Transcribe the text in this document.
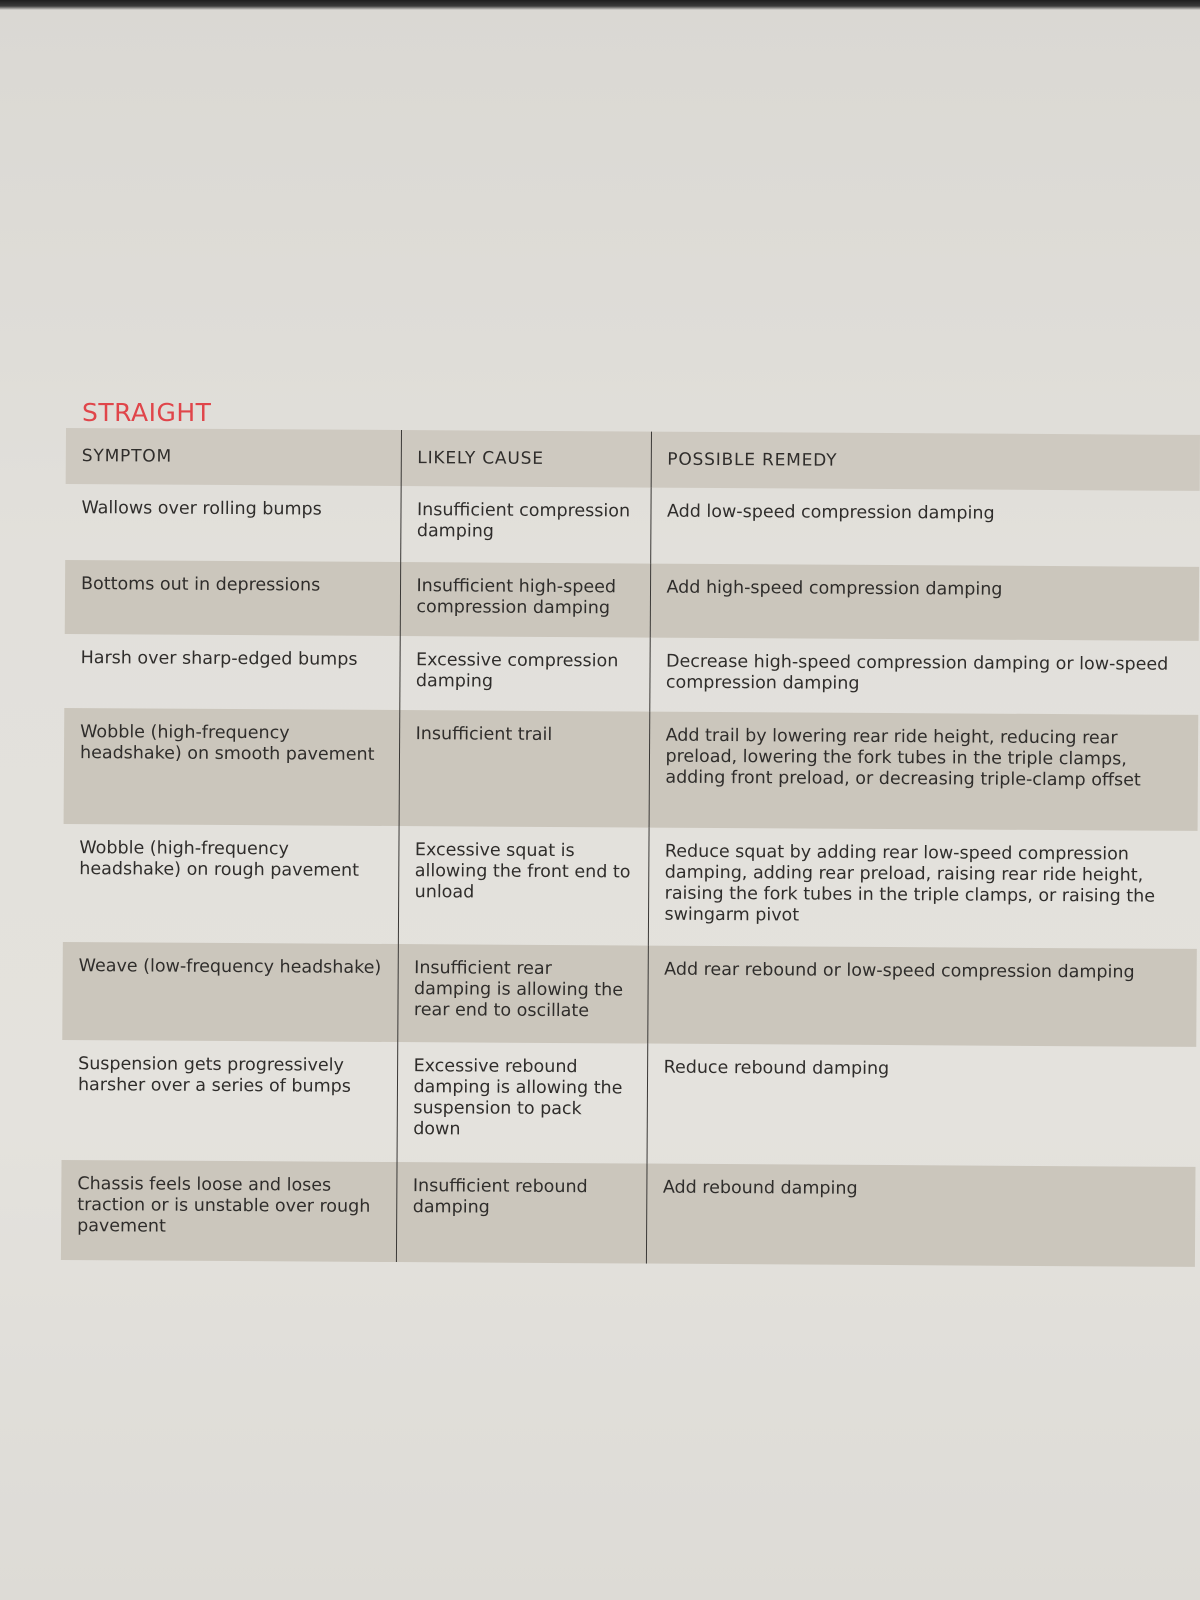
STRAIGHT
SYMPTOM	LIKELY CAUSE	POSSIBLE REMEDY
Wallows over rolling bumps	Insufficient compression damping	Add low-speed compression damping
Bottoms out in depressions	Insufficient high-speed compression damping	Add high-speed compression damping
Harsh over sharp-edged bumps	Excessive compression damping	Decrease high-speed compression damping or low-speed compression damping
Wobble (high-frequency headshake) on smooth pavement	Insufficient trail	Add trail by lowering rear ride height, reducing rear preload, lowering the fork tubes in the triple clamps, adding front preload, or decreasing triple-clamp offset
Wobble (high-frequency headshake) on rough pavement	Excessive squat is allowing the front end to unload	Reduce squat by adding rear low-speed compression damping, adding rear preload, raising rear ride height, raising the fork tubes in the triple clamps, or raising the swingarm pivot
Weave (low-frequency headshake)	Insufficient rear damping is allowing the rear end to oscillate	Add rear rebound or low-speed compression damping
Suspension gets progressively harsher over a series of bumps	Excessive rebound damping is allowing the suspension to pack down	Reduce rebound damping
Chassis feels loose and loses traction or is unstable over rough pavement	Insufficient rebound damping	Add rebound damping
